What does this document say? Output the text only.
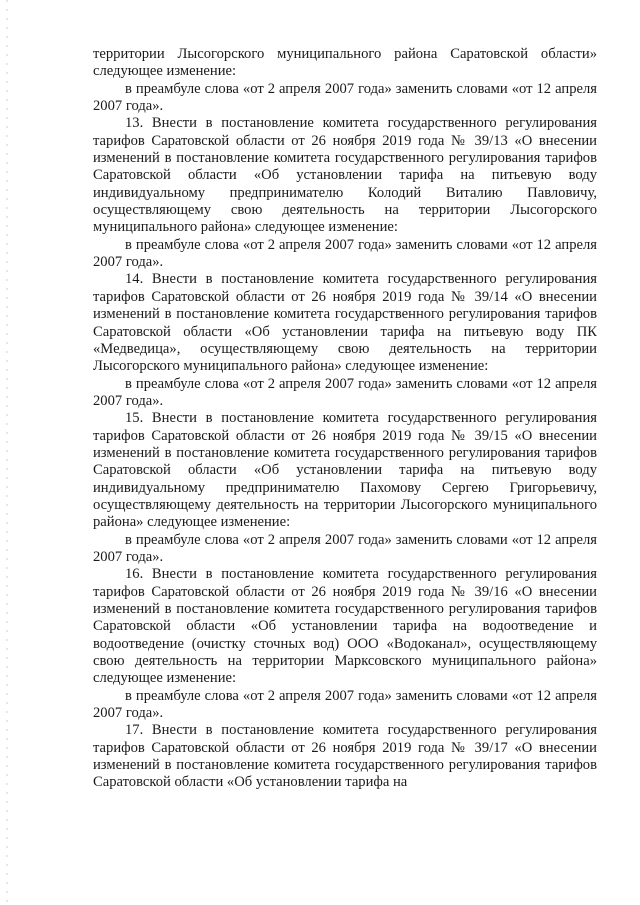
территории Лысогорского муниципального района Саратовской области» следующее изменение:

в преамбуле слова «от 2 апреля 2007 года» заменить словами «от 12 апреля 2007 года».

13. Внести в постановление комитета государственного регулирования тарифов Саратовской области от 26 ноября 2019 года № 39/13 «О внесении изменений в постановление комитета государственного регулирования тарифов Саратовской области «Об установлении тарифа на питьевую воду индивидуальному предпринимателю Колодий Виталию Павловичу, осуществляющему свою деятельность на территории Лысогорского муниципального района» следующее изменение:

в преамбуле слова «от 2 апреля 2007 года» заменить словами «от 12 апреля 2007 года».

14. Внести в постановление комитета государственного регулирования тарифов Саратовской области от 26 ноября 2019 года № 39/14 «О внесении изменений в постановление комитета государственного регулирования тарифов Саратовской области «Об установлении тарифа на питьевую воду ПК «Медведица», осуществляющему свою деятельность на территории Лысогорского муниципального района» следующее изменение:

в преамбуле слова «от 2 апреля 2007 года» заменить словами «от 12 апреля 2007 года».

15. Внести в постановление комитета государственного регулирования тарифов Саратовской области от 26 ноября 2019 года № 39/15 «О внесении изменений в постановление комитета государственного регулирования тарифов Саратовской области «Об установлении тарифа на питьевую воду индивидуальному предпринимателю Пахомову Сергею Григорьевичу, осуществляющему деятельность на территории Лысогорского муниципального района» следующее изменение:

в преамбуле слова «от 2 апреля 2007 года» заменить словами «от 12 апреля 2007 года».

16. Внести в постановление комитета государственного регулирования тарифов Саратовской области от 26 ноября 2019 года № 39/16 «О внесении изменений в постановление комитета государственного регулирования тарифов Саратовской области «Об установлении тарифа на водоотведение и водоотведение (очистку сточных вод) ООО «Водоканал», осуществляющему свою деятельность на территории Марксовского муниципального района» следующее изменение:

в преамбуле слова «от 2 апреля 2007 года» заменить словами «от 12 апреля 2007 года».

17. Внести в постановление комитета государственного регулирования тарифов Саратовской области от 26 ноября 2019 года № 39/17 «О внесении изменений в постановление комитета государственного регулирования тарифов Саратовской области «Об установлении тарифа на
